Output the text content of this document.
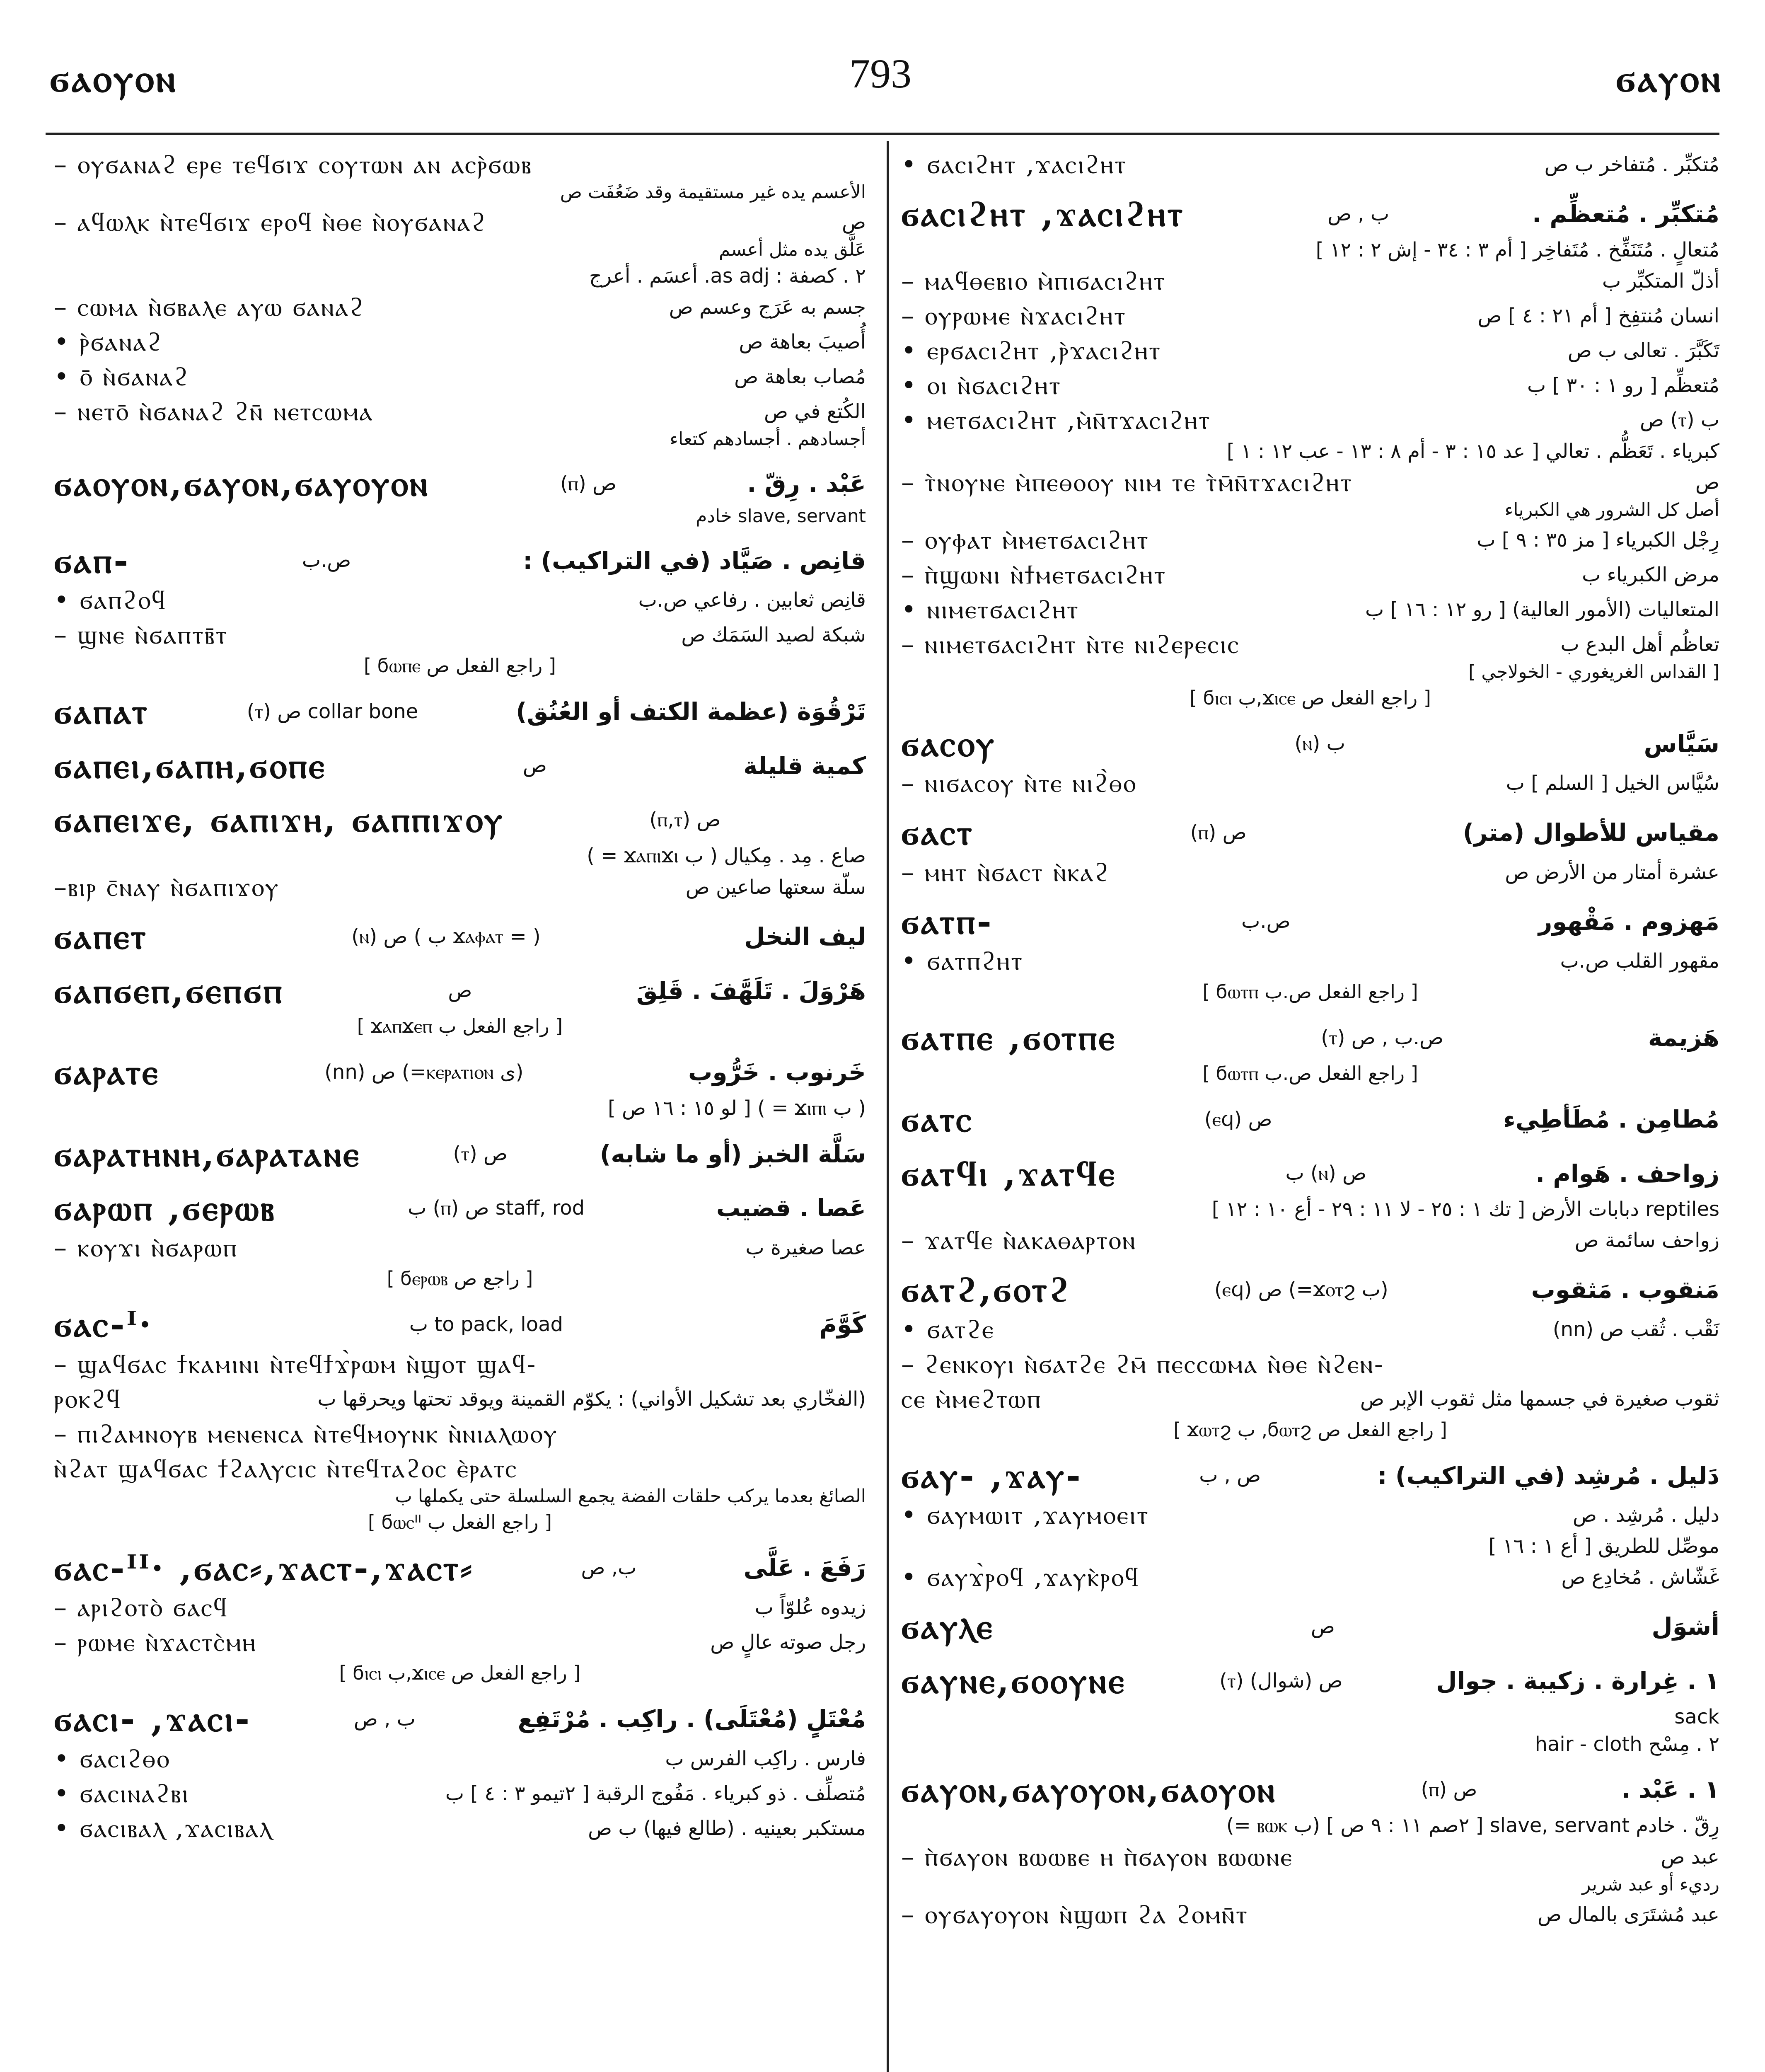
ϭⲁⲟⲩⲟⲛ	793	ϭⲁⲩⲟⲛ
– ⲟⲩϭⲁⲛⲁϩ ⲉⲣⲉ ⲧⲉϥϭⲓϫ ⲥⲟⲩⲧⲱⲛ ⲁⲛ ⲁⲥⲣ̀ϭⲱⲃ
الأعسم يده غير مستقيمة وقد ضَعُفَت ص
– ⲁϥⲱⲗⲕ ⲛ̀ⲧⲉϥϭⲓϫ ⲉⲣⲟϥ ⲛ̀ⲑⲉ ⲛ̀ⲟⲩϭⲁⲛⲁϩ	ص
عَلَّق يده مثل أعسم
٢ . كصفة : as adj. أعسَم . أعرج
– ⲥⲱⲙⲁ ⲛ̀ϭⲃⲁⲗⲉ ⲁⲩⲱ ϭⲁⲛⲁϩ	جسم به عَرَج وعسم ص
• ⲣ̀ϭⲁⲛⲁϩ	أُصيبَ بعاهة ص
• ⲟ̄ ⲛ̀ϭⲁⲛⲁϩ	مُصاب بعاهة ص
– ⲛⲉⲧⲟ̄ ⲛ̀ϭⲁⲛⲁϩ ϩⲛ̄ ⲛⲉⲧⲥⲱⲙⲁ	الكُتع في ص
أجسادهم . أجسادهم كتعاء
ϭⲁⲟⲩⲟⲛ,ϭⲁⲩⲟⲛ,ϭⲁⲩⲟⲩⲟⲛ	(ⲡ) ص	عَبْد . رِقّ .
slave, servant خادم
ϭⲁⲡ-	ص.ب	قانِص . صَيَّاد (في التراكيب) :
• ϭⲁⲡϩⲟϥ	قانِص ثعابين . رفاعي ص.ب
– ϣⲛⲉ ⲛ̀ϭⲁⲡⲧⲃ̄ⲧ	شبكة لصيد السَمَك ص
[ راجع الفعل ص ϭⲱⲡⲉ ]
ϭⲁⲡⲁⲧ	(ⲧ) ص collar bone	تَرْقُوَة (عظمة الكتف أو العُنُق)
ϭⲁⲡⲉⲓ,ϭⲁⲡⲏ,ϭⲟⲡⲉ	ص	كمية قليلة
ϭⲁⲡⲉⲓϫⲉ, ϭⲁⲡⲓϫⲏ, ϭⲁⲡⲡⲓϫⲟⲩ	(ⲡ,ⲧ) ص
صاع . مِد . مِكيال ( ب ϫⲁⲡⲓϫⲓ = )
–ⲃⲓⲣ ⲥ̄ⲛⲁⲩ ⲛ̀ϭⲁⲡⲓϫⲟⲩ	سلّة سعتها صاعين ص
ϭⲁⲡⲉⲧ	(ⲛ) ص ( ب ϫⲁⲫⲁⲧ = )	ليف النخل
ϭⲁⲡϭⲉⲡ,ϭⲉⲡϭⲡ	ص	هَرْوَلَ . تَلَهَّفَ . قَلِقَ
[ راجع الفعل ب ϫⲁⲡϫⲉⲡ ]
ϭⲁⲣⲁⲧⲉ	(nn) ص (=ⲕⲉⲣⲁⲧⲓⲟⲛ ى)	خَرنوب . خَرُّوب
( ب ϫⲓⲡⲓ = ) [ لو ١٥ : ١٦ ص ]
ϭⲁⲣⲁⲧⲏⲛⲏ,ϭⲁⲣⲁⲧⲁⲛⲉ	(ⲧ) ص	سَلَّة الخبز (أو ما شابه)
ϭⲁⲣⲱⲡ ,ϭⲉⲣⲱⲃ	ب (ⲡ) ص staff, rod	عَصا . قضيب
– ⲕⲟⲩϫⲓ ⲛ̀ϭⲁⲣⲱⲡ	عصا صغيرة ب
[ راجع ص ϭⲉⲣⲱⲃ ]
ϭⲁⲥ-ᴵ·	ب to pack, load	كَوَّمَ
– ϣⲁϥϭⲁⲥ ϯⲕⲁⲙⲓⲛⲓ ⲛ̀ⲧⲉϥϯϫ̀ⲣⲱⲙ ⲛ̀ϣⲟⲧ ϣⲁϥ-
ⲣⲟⲕϩϥ	(الفخّاري بعد تشكيل الأواني) : يكوّم القمينة ويوقد تحتها ويحرقها ب
– ⲡⲓϩⲁⲙⲛⲟⲩⲃ ⲙⲉⲛⲉⲛⲥⲁ ⲛ̀ⲧⲉϥⲙⲟⲩⲛⲕ ⲛ̀ⲛⲓⲁⲗⲱⲟⲩ
ⲛ̀ϩⲁⲧ ϣⲁϥϭⲁⲥ ϯϩⲁⲗⲩⲥⲓⲥ ⲛ̀ⲧⲉϥⲧⲁϩⲟⲥ ⲉ̀ⲣⲁⲧⲥ
الصائغ بعدما يركب حلقات الفضة يجمع السلسلة حتى يكملها ب
[ راجع الفعل ب ϭⲱⲥᴵᴵ ]
ϭⲁⲥ-ᴵᴵ· ,ϭⲁⲥ⸗,ϫⲁⲥⲧ-,ϫⲁⲥⲧ⸗	ب, ص	رَفَعَ . عَلَّى
– ⲁⲣⲓϩⲟⲧⲟ̀ ϭⲁⲥϥ	زيدوه عُلوّاً ب
– ⲣⲱⲙⲉ ⲛ̀ϫⲁⲥⲧⲥ̀ⲙⲏ	رجل صوته عالٍ ص
[ راجع الفعل ص ϫⲓⲥⲉ,ب ϭⲓⲥⲓ ]
ϭⲁⲥⲓ- ,ϫⲁⲥⲓ-	ب , ص	مُعْتَلٍ (مُعْتَلَى) . راكِب . مُرْتَفِع
• ϭⲁⲥⲓϩⲑⲟ	فارس . راكِب الفرس ب
• ϭⲁⲥⲓⲛⲁϩⲃⲓ	مُتصلِّف . ذو كبرياء . مَفُوج الرقبة [ ٢تيمو ٣ : ٤ ] ب
• ϭⲁⲥⲓⲃⲁⲗ ,ϫⲁⲥⲓⲃⲁⲗ	مستكبر بعينيه . (طالع فيها) ب ص
• ϭⲁⲥⲓϩⲏⲧ ,ϫⲁⲥⲓϩⲏⲧ	مُتكبِّر . مُتفاخر ب ص
ϭⲁⲥⲓϩⲏⲧ ,ϫⲁⲥⲓϩⲏⲧ	ب , ص	مُتكبِّر . مُتعظِّم .
مُتعالٍ . مُتَنَفِّخ . مُتَفاخِر [ أم ٣ : ٣٤ - إش ٢ : ١٢ ]
– ⲙⲁϥⲑⲉⲃⲓⲟ ⲙ̀ⲡⲓϭⲁⲥⲓϩⲏⲧ	أذلّ المتكبِّر ب
– ⲟⲩⲣⲱⲙⲉ ⲛ̀ϫⲁⲥⲓϩⲏⲧ	انسان مُنتفِخ [ أم ٢١ : ٤ ] ص
• ⲉⲣϭⲁⲥⲓϩⲏⲧ ,ⲣ̀ϫⲁⲥⲓϩⲏⲧ	تَكَبَّرَ . تعالى ب ص
• ⲟⲓ ⲛ̀ϭⲁⲥⲓϩⲏⲧ	مُتعظِّم [ رو ١ : ٣٠ ] ب
• ⲙⲉⲧϭⲁⲥⲓϩⲏⲧ ,ⲙ̀ⲛ̄ⲧϫⲁⲥⲓϩⲏⲧ	ب (ⲧ) ص
كبرياء . تَعَظُّم . تعالي [ عد ١٥ : ٣ - أم ٨ : ١٣ - عب ١٢ : ١ ]
– ⲧ̀ⲛⲟⲩⲛⲉ ⲙ̀ⲡⲉⲑⲟⲟⲩ ⲛⲓⲙ ⲧⲉ ⲧ̀ⲙ̄ⲛ̄ⲧϫⲁⲥⲓϩⲏⲧ	ص
أصل كل الشرور هي الكبرياء
– ⲟⲩⲫⲁⲧ ⲙ̀ⲙⲉⲧϭⲁⲥⲓϩⲏⲧ	رِجْل الكبرياء [ مز ٣٥ : ٩ ] ب
– ⲡ̀ϣⲱⲛⲓ ⲛ̀ϯⲙⲉⲧϭⲁⲥⲓϩⲏⲧ	مرض الكبرياء ب
• ⲛⲓⲙⲉⲧϭⲁⲥⲓϩⲏⲧ	المتعاليات (الأمور العالية) [ رو ١٢ : ١٦ ] ب
– ⲛⲓⲙⲉⲧϭⲁⲥⲓϩⲏⲧ ⲛ̀ⲧⲉ ⲛⲓϩⲉⲣⲉⲥⲓⲥ	تعاظُم أهل البدع ب
[ القداس الغريغوري - الخولاجي ]
[ راجع الفعل ص ϫⲓⲥⲉ,ب ϭⲓⲥⲓ ]
ϭⲁⲥⲟⲩ	(ⲛ) ب	سَيَّاس
– ⲛⲓϭⲁⲥⲟⲩ ⲛ̀ⲧⲉ ⲛⲓϩ̀ⲑⲟ	سُيَّاس الخيل [ السلم ] ب
ϭⲁⲥⲧ	(ⲡ) ص	مقياس للأطوال (متر)
– ⲙⲏⲧ ⲛ̀ϭⲁⲥⲧ ⲛ̀ⲕⲁϩ	عشرة أمتار من الأرض ص
ϭⲁⲧⲡ-	ص.ب	مَهزوم . مَقْهور
• ϭⲁⲧⲡϩⲏⲧ	مقهور القلب ص.ب
[ راجع الفعل ص.ب ϭⲱⲧⲡ ]
ϭⲁⲧⲡⲉ ,ϭⲟⲧⲡⲉ	(ⲧ) ص.ب , ص	هَزيمة
[ راجع الفعل ص.ب ϭⲱⲧⲡ ]
ϭⲁⲧⲥ	(ⲉϥ) ص	مُطامِن . مُطَأطِيء
ϭⲁⲧϥⲓ ,ϫⲁⲧϥⲉ	ب (ⲛ) ص	زواحف . هَوام .
reptiles دبابات الأرض [ تك ١ : ٢٥ - لا ١١ : ٢٩ - أع ١٠ : ١٢ ]
– ϫⲁⲧϥⲉ ⲛ̀ⲁⲕⲁⲑⲁⲣⲧⲟⲛ	زواحف سائمة ص
ϭⲁⲧϩ,ϭⲟⲧϩ	(ⲉϥ) ص (=ϫⲟⲧϩ ب)	مَنقوب . مَثقوب
• ϭⲁⲧϩⲉ	نَقْب . ثُقب ص (nn)
– ϩⲉⲛⲕⲟⲩⲓ ⲛ̀ϭⲁⲧϩⲉ ϩⲙ̄ ⲡⲉⲥⲥⲱⲙⲁ ⲛ̀ⲑⲉ ⲛ̀ϩⲉⲛ-
ⲥⲉ ⲙ̀ⲙⲉϩⲧⲱⲡ	ثقوب صغيرة في جسمها مثل ثقوب الإبر ص
[ راجع الفعل ص ϭⲱⲧϩ, ب ϫⲱⲧϩ ]
ϭⲁⲩ- ,ϫⲁⲩ-	ص , ب	دَليل . مُرشِد (في التراكيب) :
• ϭⲁⲩⲙⲱⲓⲧ ,ϫⲁⲩⲙⲟⲉⲓⲧ	دليل . مُرشِد . ص
موصِّل للطريق [ أع ١ : ١٦ ]
• ϭⲁⲩϫ̀ⲣⲟϥ ,ϫⲁⲩⲕ̀ⲣⲟϥ	غَشّاش . مُخادِع ص
ϭⲁⲩⲗⲉ	ص	أشوَل
ϭⲁⲩⲛⲉ,ϭⲟⲟⲩⲛⲉ	(ⲧ) ص (شوال)	١ . غِرارة . زكيبة . جوال
sack
٢ . مِسْح hair - cloth
ϭⲁⲩⲟⲛ,ϭⲁⲩⲟⲩⲟⲛ,ϭⲁⲟⲩⲟⲛ	(ⲡ) ص	١ . عَبْد .
رِقّ . خادم slave, servant [ ٢صم ١١ : ٩ ص ] (ب ⲃⲱⲕ =)
– ⲡ̀ϭⲁⲩⲟⲛ ⲃⲱⲱⲃⲉ ⲏ ⲡ̀ϭⲁⲩⲟⲛ ⲃⲱⲱⲛⲉ	عبد ص
رديء أو عبد شرير
– ⲟⲩϭⲁⲩⲟⲩⲟⲛ ⲛ̀ϣⲱⲡ ϩⲁ ϩⲟⲙⲛ̄ⲧ	عبد مُشتَرَى بالمال ص
